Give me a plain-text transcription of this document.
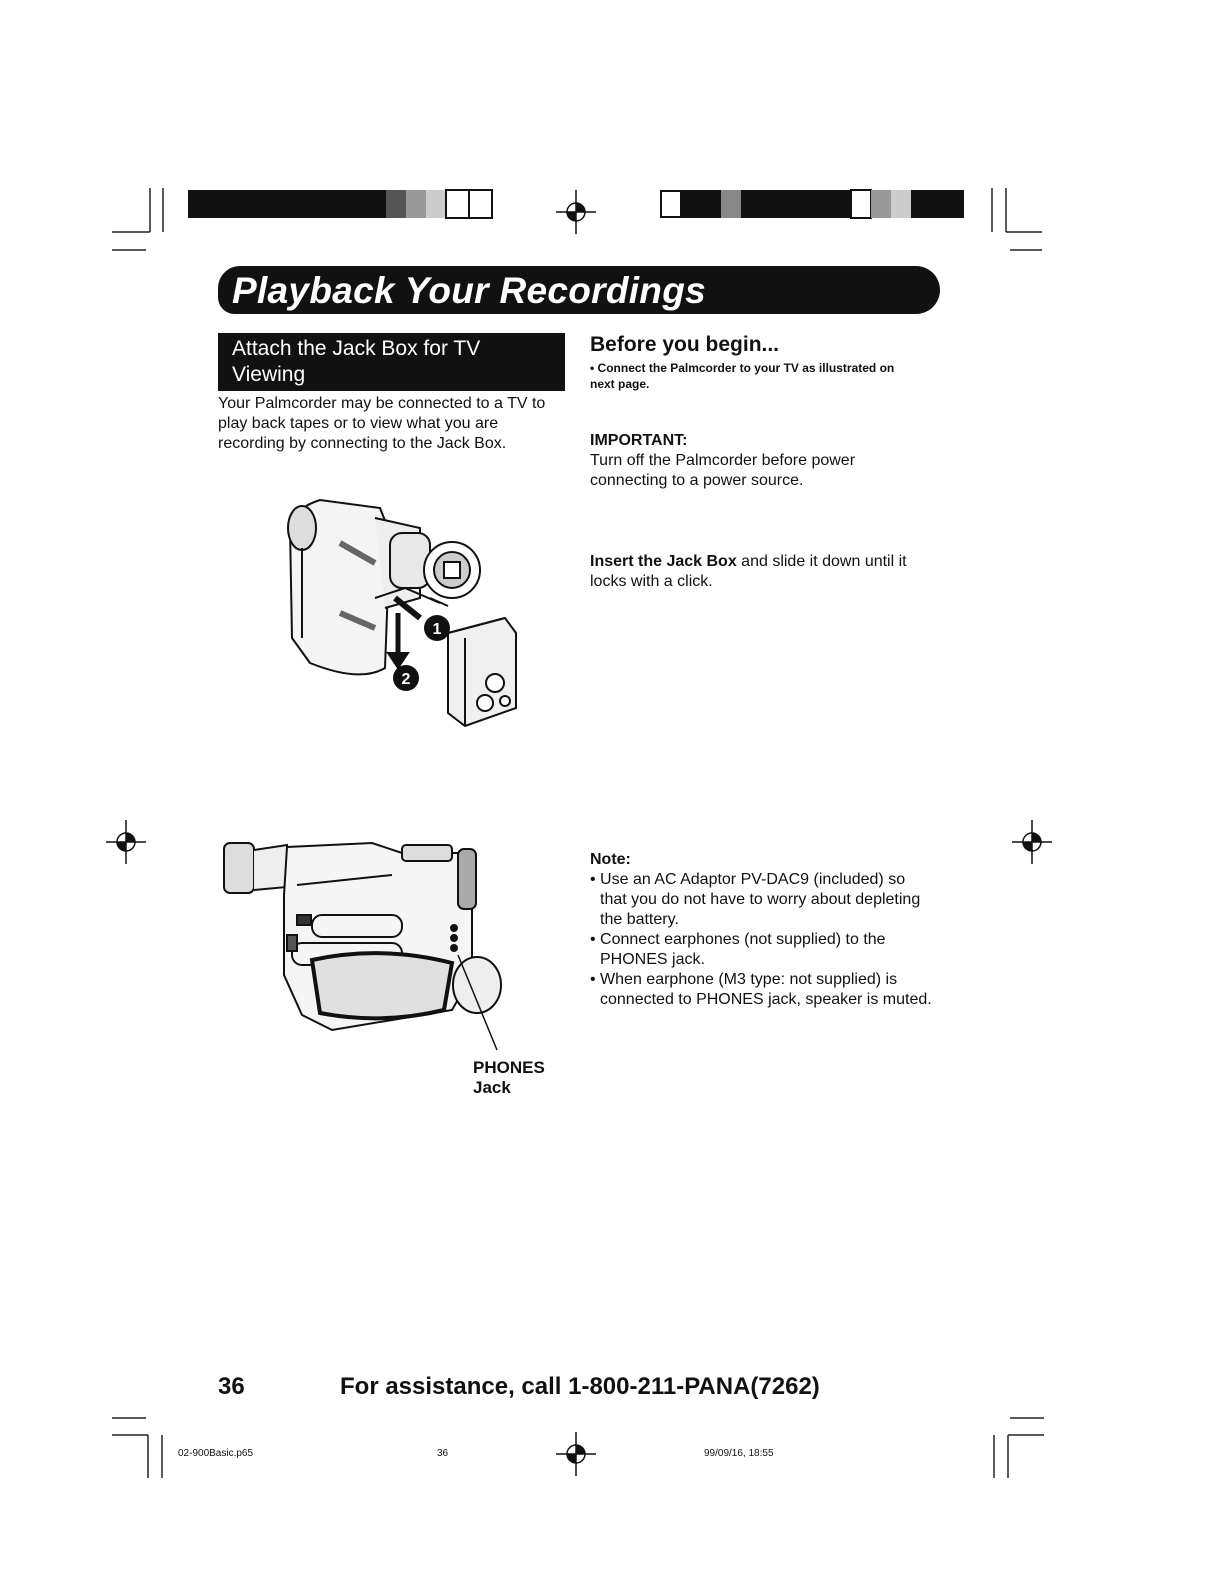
Playback Your Recordings
Attach the Jack Box for TV Viewing
Your Palmcorder may be connected to a TV to play back tapes or to view what you are recording by connecting to the Jack Box.
Before you begin...
• Connect the Palmcorder to your TV as illustrated on next page.
IMPORTANT:
Turn off the Palmcorder before power connecting to a power source.
Insert the Jack Box and slide it down until it locks with a click.
1
2
PHONES
Jack
Note:
• Use an AC Adaptor PV-DAC9 (included) so that you do not have to worry about depleting the battery.
• Connect earphones (not supplied) to the PHONES jack.
• When earphone (M3 type: not supplied) is connected to PHONES jack, speaker is muted.
36	For assistance, call 1-800-211-PANA(7262)
02-900Basic.p65	36	99/09/16, 18:55
